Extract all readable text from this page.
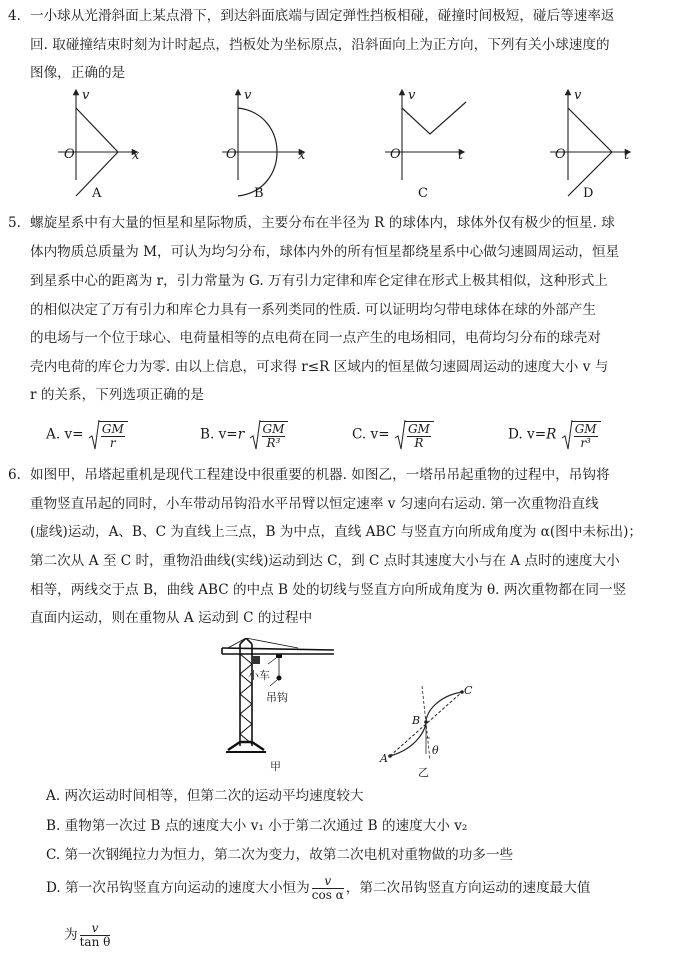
4. 一小球从光滑斜面上某点滑下，到达斜面底端与固定弹性挡板相碰，碰撞时间极短，碰后等速率返
回. 取碰撞结束时刻为计时起点，挡板处为坐标原点，沿斜面向上为正方向，下列有关小球速度的
图像，正确的是
v
O	x
A
v
O	x
B
v
O	t
C
v
O	t
D
5. 螺旋星系中有大量的恒星和星际物质，主要分布在半径为 R 的球体内，球体外仅有极少的恒星. 球
体内物质总质量为 M，可认为均匀分布，球体内外的所有恒星都绕星系中心做匀速圆周运动，恒星
到星系中心的距离为 r，引力常量为 G. 万有引力定律和库仑定律在形式上极其相似，这种形式上
的相似决定了万有引力和库仑力具有一系列类同的性质. 可以证明均匀带电球体在球的外部产生
的电场与一个位于球心、电荷量相等的点电荷在同一点产生的电场相同，电荷均匀分布的球壳对
壳内电荷的库仑力为零. 由以上信息，可求得 r≤R 区域内的恒星做匀速圆周运动的速度大小 v 与
r 的关系，下列选项正确的是
A. $v= \frac{GM}{r}$	B. $v=r \frac{GM}{\text{R³}}$	C. $v= \frac{GM}{R}$	D. $v=R \frac{GM}{\text{r³}}$
6. 如图甲，吊塔起重机是现代工程建设中很重要的机器. 如图乙，一塔吊吊起重物的过程中，吊钩将
重物竖直吊起的同时，小车带动吊钩沿水平吊臂以恒定速率 v 匀速向右运动. 第一次重物沿直线
(虚线)运动，A、B、C 为直线上三点，B 为中点，直线 ABC 与竖直方向所成角度为 α(图中未标出)；
第二次从 A 至 C 时，重物沿曲线(实线)运动到达 C，到 C 点时其速度大小与在 A 点时的速度大小
相等，两线交于点 B，曲线 ABC 的中点 B 处的切线与竖直方向所成角度为 θ. 两次重物都在同一竖
直面内运动，则在重物从 A 运动到 C 的过程中
小车
吊钩
甲
A
B
C
θ
乙
A. 两次运动时间相等，但第二次的运动平均速度较大
B. 重物第一次过 B 点的速度大小 v₁ 小于第二次通过 B 的速度大小 v₂
C. 第一次钢绳拉力为恒力，第二次为变力，故第二次电机对重物做的功多一些
D. 第一次吊钩竖直方向运动的速度大小恒为 $\frac{v}{\text{cos α}}$ ，第二次吊钩竖直方向运动的速度最大值
为 $\frac{v}{\text{tan θ}}$
